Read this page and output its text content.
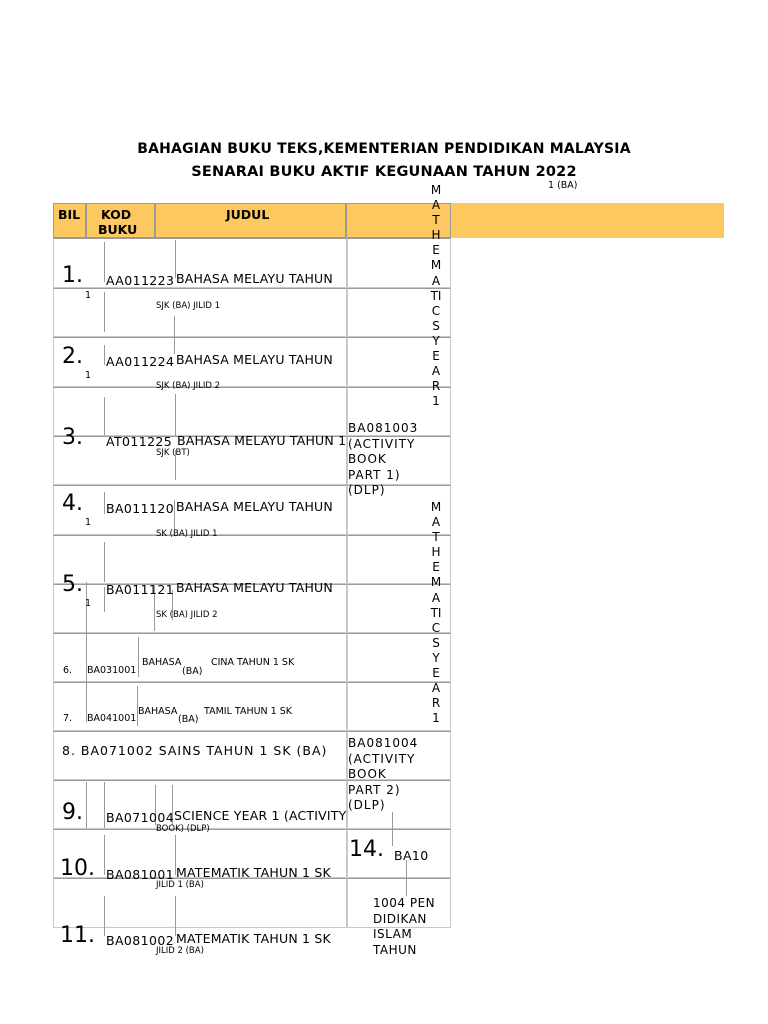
BAHAGIAN BUKU TEKS,KEMENTERIAN PENDIDIKAN MALAYSIA
SENARAI BUKU AKTIF KEGUNAAN TAHUN 2022
1 (BA)
BIL KOD
BUKU
JUDUL
1. AA011223 BAHASA MELAYU TAHUN
1
SJK (BA) JILID 1
2. AA011224 BAHASA MELAYU TAHUN
1
SJK (BA) JILID 2
3. AT011225 BAHASA MELAYU TAHUN 1
SJK (BT)
4. BA011120 BAHASA MELAYU TAHUN
1
SK (BA) JILID 1
5. BA011121 BAHASA MELAYU TAHUN
1
SK (BA) JILID 2
6. BA031001
BAHASA	CINA TAHUN 1 SK
(BA)
7. BA041001
BAHASA	TAMIL TAHUN 1 SK
(BA)
8. BA071002 SAINS TAHUN 1 SK (BA)
9. BA071004 SCIENCE YEAR 1 (ACTIVITY
BOOK) (DLP)
10. BA081001 MATEMATIK TAHUN 1 SK
JILID 1 (BA)
11. BA081002 MATEMATIK TAHUN 1 SK
JILID 2 (BA)
M
A
T
H
E
M
A
TI
C
S
Y
E
A
R
1
M
A
T
H
E
M
A
TI
C
S
Y
E
A
R
1
BA081003
(ACTIVITY
BOOK
PART 1)
(DLP)
BA081004
(ACTIVITY
BOOK
PART 2)
(DLP)
14. BA10
1004 PEN
DIDIKAN
ISLAM
TAHUN
